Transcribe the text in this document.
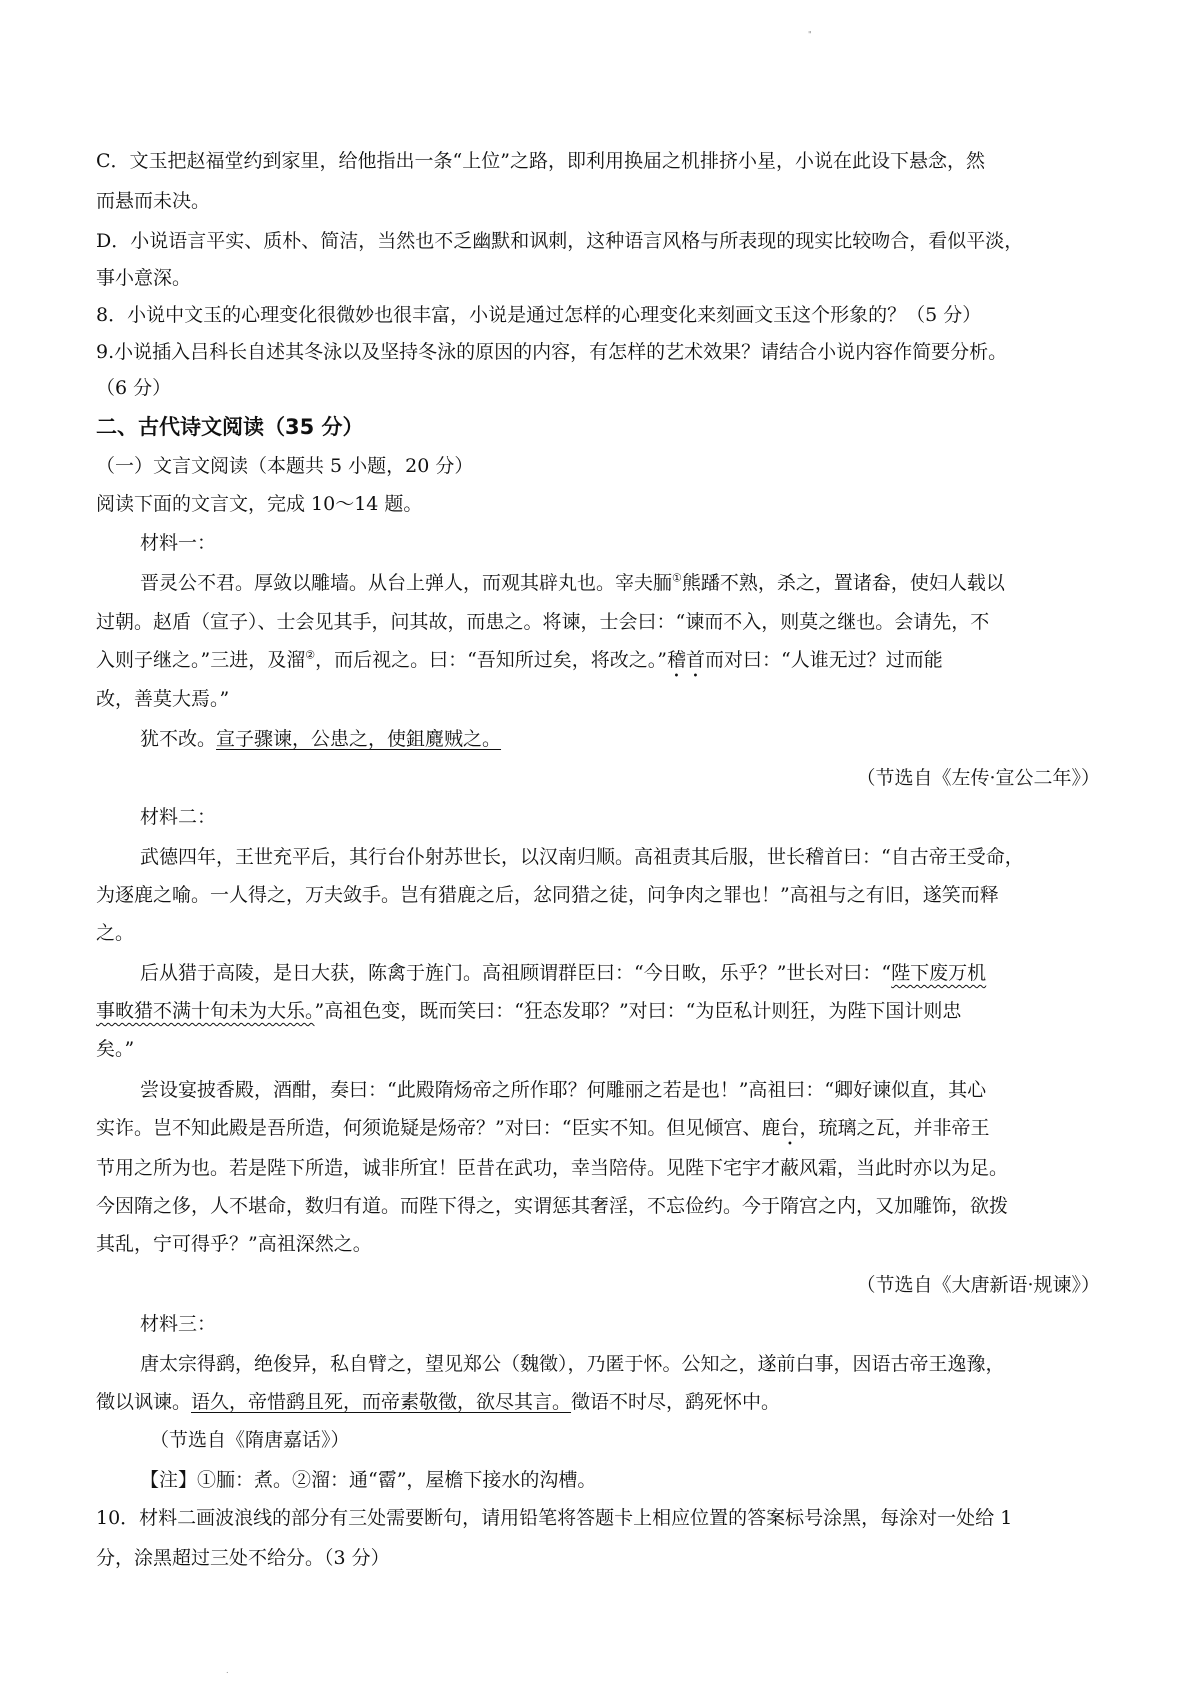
"
C．文玉把赵福堂约到家里，给他指出一条“上位”之路，即利用换届之机排挤小星，小说在此设下悬念，然
而悬而未决。
D．小说语言平实、质朴、简洁，当然也不乏幽默和讽刺，这种语言风格与所表现的现实比较吻合，看似平淡，
事小意深。
8．小说中文玉的心理变化很微妙也很丰富，小说是通过怎样的心理变化来刻画文玉这个形象的？（5 分）
9.小说插入吕科长自述其冬泳以及坚持冬泳的原因的内容，有怎样的艺术效果？请结合小说内容作简要分析。
（6 分）
二、古代诗文阅读（35 分）
（一）文言文阅读（本题共 5 小题，20 分）
阅读下面的文言文，完成 10～14 题。
材料一：
晋灵公不君。厚敛以雕墙。从台上弹人，而观其辟丸也。宰夫胹①熊蹯不熟，杀之，置诸畚，使妇人载以
过朝。赵盾（宣子）、士会见其手，问其故，而患之。将谏，士会曰：“谏而不入，则莫之继也。会请先，不
入则子继之。”三进，及溜②，而后视之。曰：“吾知所过矣，将改之。”稽首而对曰：“人谁无过？过而能
改，善莫大焉。”
犹不改。宣子骤谏，公患之，使鉏麑贼之。
（节选自《左传·宣公二年》）
材料二：
武德四年，王世充平后，其行台仆射苏世长，以汉南归顺。高祖责其后服，世长稽首曰：“自古帝王受命，
为逐鹿之喻。一人得之，万夫敛手。岂有猎鹿之后，忿同猎之徒，问争肉之罪也！”高祖与之有旧，遂笑而释
之。
后从猎于高陵，是日大获，陈禽于旌门。高祖顾谓群臣曰：“今日畋，乐乎？”世长对曰：“陛下废万机
事畋猎不满十旬未为大乐。”高祖色变，既而笑曰：“狂态发耶？”对曰：“为臣私计则狂，为陛下国计则忠
矣。”
尝设宴披香殿，酒酣，奏曰：“此殿隋炀帝之所作耶？何雕丽之若是也！”高祖曰：“卿好谏似直，其心
实诈。岂不知此殿是吾所造，何须诡疑是炀帝？”对曰：“臣实不知。但见倾宫、鹿台，琉璃之瓦，并非帝王
节用之所为也。若是陛下所造，诚非所宜！臣昔在武功，幸当陪侍。见陛下宅宇才蔽风霜，当此时亦以为足。
今因隋之侈，人不堪命，数归有道。而陛下得之，实谓惩其奢淫，不忘俭约。今于隋宫之内，又加雕饰，欲拨
其乱，宁可得乎？”高祖深然之。
（节选自《大唐新语·规谏》）
材料三：
唐太宗得鹞，绝俊异，私自臂之，望见郑公（魏徵），乃匿于怀。公知之，遂前白事，因语古帝王逸豫，
徵以讽谏。语久，帝惜鹞且死，而帝素敬徵，欲尽其言。徵语不时尽，鹞死怀中。
（节选自《隋唐嘉话》）
【注】①胹：煮。②溜：通“霤”，屋檐下接水的沟槽。
10．材料二画波浪线的部分有三处需要断句，请用铅笔将答题卡上相应位置的答案标号涂黑，每涂对一处给 1
分，涂黑超过三处不给分。（3 分）
.
